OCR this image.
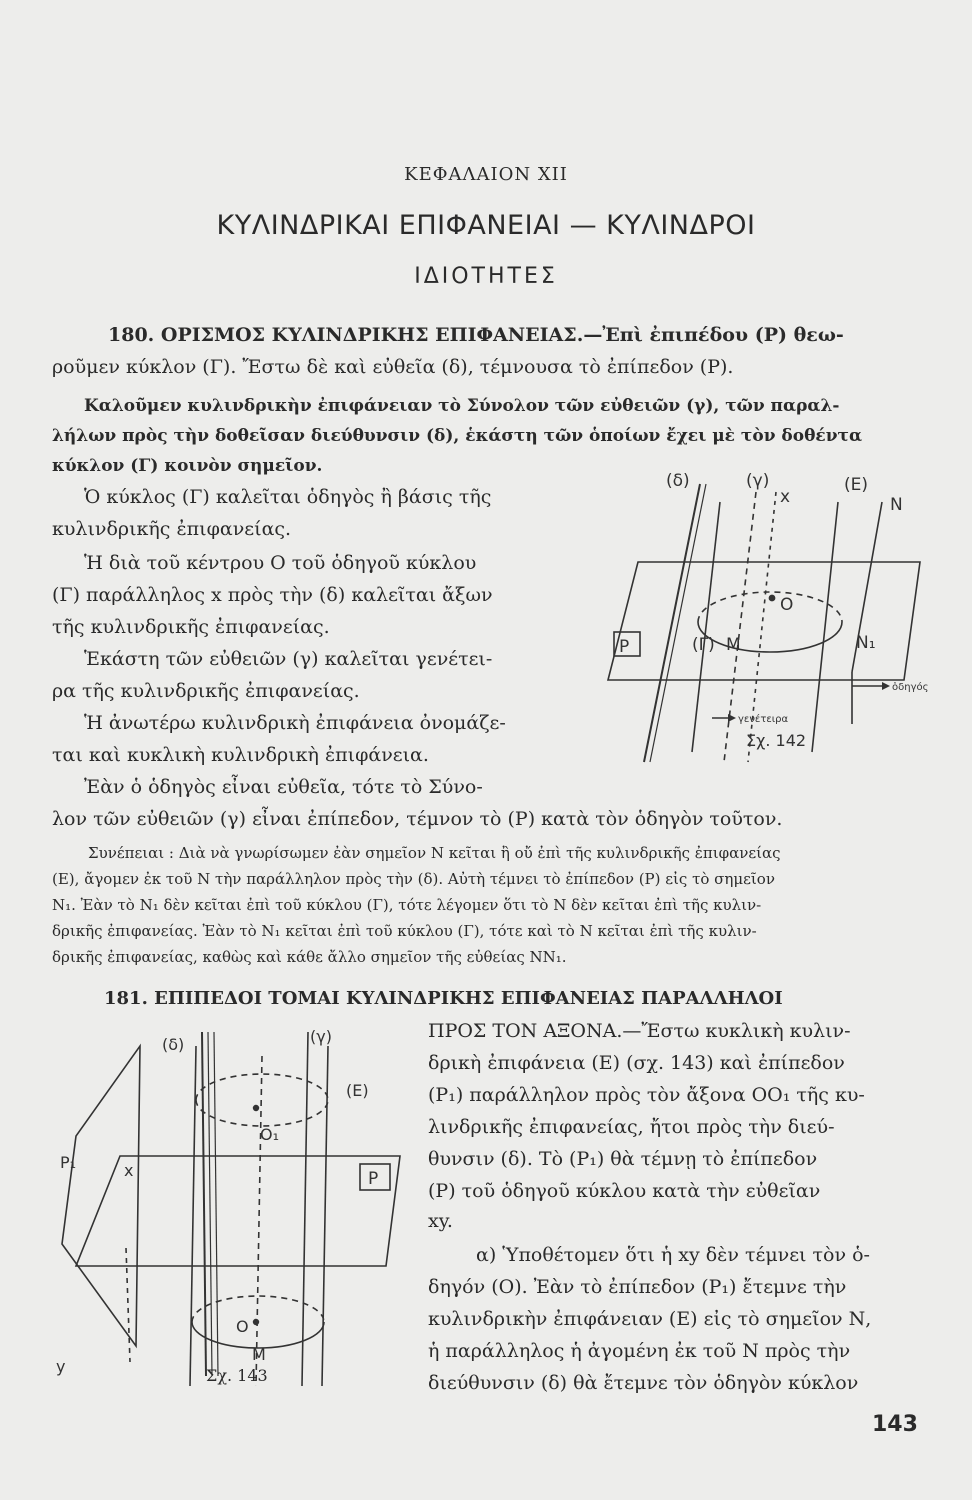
ΚΕΦΑΛΑΙΟΝ XII

ΚΥΛΙΝΔΡΙΚΑΙ ΕΠΙΦΑΝΕΙΑΙ — ΚΥΛΙΝΔΡΟΙ

ΙΔΙΟΤΗΤΕΣ

180. ΟΡΙΣΜΟΣ ΚΥΛΙΝΔΡΙΚΗΣ ΕΠΙΦΑΝΕΙΑΣ.—Ἐπὶ ἐπιπέδου (Ρ) θεω-

ροῦμεν κύκλον (Γ). Ἔστω δὲ καὶ εὐθεῖα (δ), τέμνουσα τὸ ἐπίπεδον (Ρ).

Καλοῦμεν κυλινδρικὴν ἐπιφάνειαν τὸ Σύνολον τῶν εὐθειῶν (γ), τῶν παραλ-

λήλων πρὸς τὴν δοθεῖσαν διεύθυνσιν (δ), ἑκάστη τῶν ὁποίων ἔχει μὲ τὸν δοθέντα

κύκλον (Γ) κοινὸν σημεῖον.

Ὁ κύκλος (Γ) καλεῖται ὁδηγὸς ἢ βάσις τῆς

κυλινδρικῆς ἐπιφανείας.

Ἡ διὰ τοῦ κέντρου Ο τοῦ ὁδηγοῦ κύκλου

(Γ) παράλληλος x πρὸς τὴν (δ) καλεῖται ἄξων

τῆς κυλινδρικῆς ἐπιφανείας.

Ἑκάστη τῶν εὐθειῶν (γ) καλεῖται γενέτει-

ρα τῆς κυλινδρικῆς ἐπιφανείας.

Ἡ ἀνωτέρω κυλινδρικὴ ἐπιφάνεια ὀνομάζε-

ται καὶ κυκλικὴ κυλινδρικὴ ἐπιφάνεια.

Ἐὰν ὁ ὁδηγὸς εἶναι εὐθεῖα, τότε τὸ Σύνο-

λον τῶν εὐθειῶν (γ) εἶναι ἐπίπεδον, τέμνον τὸ (Ρ) κατὰ τὸν ὁδηγὸν τοῦτον.

Συνέπειαι : Διὰ νὰ γνωρίσωμεν ἐὰν σημεῖον Ν κεῖται ἢ οὔ ἐπὶ τῆς κυλινδρικῆς ἐπιφανείας

(Ε), ἄγομεν ἐκ τοῦ Ν τὴν παράλληλον πρὸς τὴν (δ). Αὐτὴ τέμνει τὸ ἐπίπεδον (Ρ) εἰς τὸ σημεῖον

Ν₁. Ἐὰν τὸ Ν₁ δὲν κεῖται ἐπὶ τοῦ κύκλου (Γ), τότε λέγομεν ὅτι τὸ Ν δὲν κεῖται ἐπὶ τῆς κυλιν-

δρικῆς ἐπιφανείας. Ἐὰν τὸ Ν₁ κεῖται ἐπὶ τοῦ κύκλου (Γ), τότε καὶ τὸ Ν κεῖται ἐπὶ τῆς κυλιν-

δρικῆς ἐπιφανείας, καθὼς καὶ κάθε ἄλλο σημεῖον τῆς εὐθείας ΝΝ₁.

(δ)	(γ)
x
(Ε)
N
O
P	(Γ) M	N₁
ὁδηγός
γενέτειρα
Σχ. 142

181. ΕΠΙΠΕΔΟΙ ΤΟΜΑΙ ΚΥΛΙΝΔΡΙΚΗΣ ΕΠΙΦΑΝΕΙΑΣ ΠΑΡΑΛΛΗΛΟΙ

ΠΡΟΣ ΤΟΝ ΑΞΟΝΑ.—Ἔστω κυκλικὴ κυλιν-

δρικὴ ἐπιφάνεια (Ε) (σχ. 143) καὶ ἐπίπεδον

(Ρ₁) παράλληλον πρὸς τὸν ἄξονα ΟΟ₁ τῆς κυ-

λινδρικῆς ἐπιφανείας, ἤτοι πρὸς τὴν διεύ-

θυνσιν (δ). Τὸ (Ρ₁) θὰ τέμνῃ τὸ ἐπίπεδον

(Ρ) τοῦ ὁδηγοῦ κύκλου κατὰ τὴν εὐθεῖαν

xy.

α) Ὑποθέτομεν ὅτι ἡ xy δὲν τέμνει τὸν ὁ-

δηγόν (Ο). Ἐὰν τὸ ἐπίπεδον (Ρ₁) ἔτεμνε τὴν

κυλινδρικὴν ἐπιφάνειαν (Ε) εἰς τὸ σημεῖον Ν,

ἡ παράλληλος ἡ ἀγομένη ἐκ τοῦ Ν πρὸς τὴν

διεύθυνσιν (δ) θὰ ἔτεμνε τὸν ὁδηγὸν κύκλον

(δ)	(γ)
(Ε)
O₁
P₁	x	P
O
M
y	Σχ. 143

143
